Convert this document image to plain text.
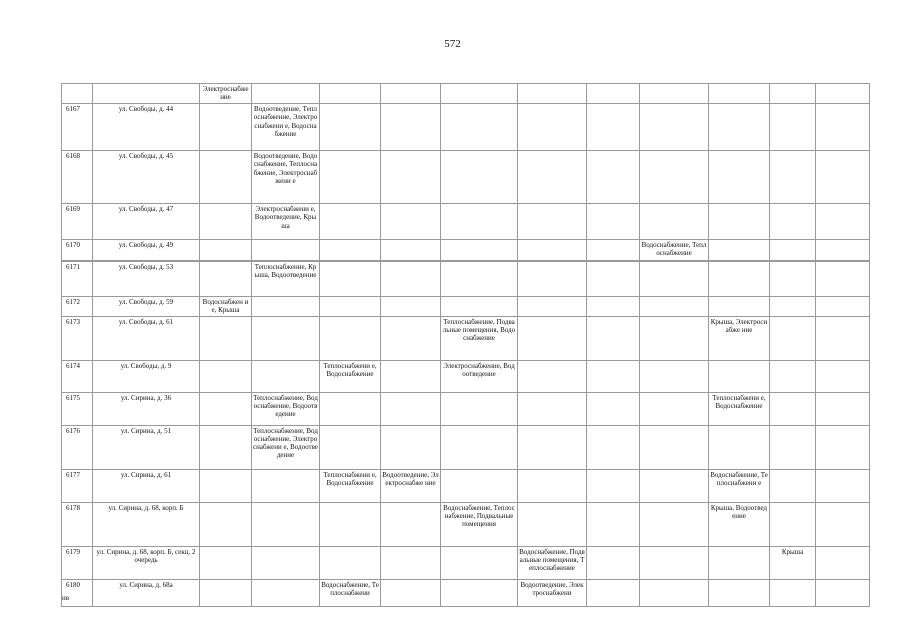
572
		Электроснабже ние										
6167	ул. Свободы, д. 44		Водоотведение, Теплоснабжение, Электроснабжени е, Водоснабжение									
6168	ул. Свободы, д. 45		Водоотведение, Водоснабжение, Теплоснабжение, Электроснабжени е									
6169	ул. Свободы, д. 47		Электроснабжени е, Водоотведение, Крыша									
6170	ул. Свободы, д. 49								Водоснабжение, Теплоснабжение			
6171	ул. Свободы, д. 53		Теплоснабжение, Крыша, Водоотведение									
6172	ул. Свободы, д. 59	Водоснабжен ие, Крыша										
6173	ул. Свободы, д. 61					Теплоснабжение, Подвальные помещения, Водоснабжение				Крыша, Электроснабже ние		
6174	ул. Свободы, д. 9			Теплоснабжени е, Водоснабжение		Электроснабжение, Водоотведение						
6175	ул. Сирина, д. 36		Теплоснабжение, Водоснабжение, Водоотведение							Теплоснабжени е, Водоснабжение		
6176	ул. Сирина, д. 51		Теплоснабжение, Водоснабжение, Электроснабжени е, Водоотведение									
6177	ул. Сирина, д. 61			Теплоснабжени е, Водоснабжение	Водоотведение, Электроснабже ние					Водоснабжение, Теплоснабжени е		
6178	ул. Сирина, д. 68, корп. Б					Водоснабжение, Теплоснабжение, Подвальные помещения				Крыша, Водоотведение		
6179	ул. Сирина, д. 68, корп. Б, секц. 2 очередь						Водоснабжение, Подвальные помещения, Теплоснабжение				Крыша	
6180	ул. Сирина, д. 68а			Водоснабжение, Теплоснабжени			Водоотведение, Электроснабжени					
нв
